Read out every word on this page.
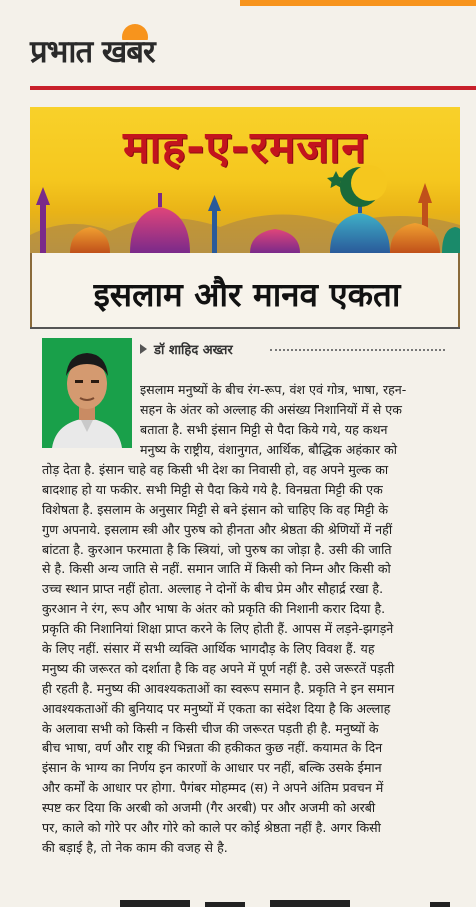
प्रभात खबर
माह-ए-रमजान
इसलाम और मानव एकता
डॉ शाहिद अख्तर
इसलाम मनुष्यों के बीच रंग-रूप, वंश एवं गोत्र, भाषा, रहन-
सहन के अंतर को अल्लाह की असंख्य निशानियों में से एक
बताता है. सभी इंसान मिट्टी से पैदा किये गये, यह कथन
मनुष्य के राष्ट्रीय, वंशानुगत, आर्थिक, बौद्धिक अहंकार को
तोड़ देता है. इंसान चाहे वह किसी भी देश का निवासी हो, वह अपने मुल्क का
बादशाह हो या फकीर. सभी मिट्टी से पैदा किये गये है. विनम्रता मिट्टी की एक
विशेषता है. इसलाम के अनुसार मिट्टी से बने इंसान को चाहिए कि वह मिट्टी के
गुण अपनाये. इसलाम स्त्री और पुरुष को हीनता और श्रेष्ठता की श्रेणियों में नहीं
बांटता है. कुरआन फरमाता है कि स्त्रियां, जो पुरुष का जोड़ा है. उसी की जाति
से है. किसी अन्य जाति से नहीं. समान जाति में किसी को निम्न और किसी को
उच्च स्थान प्राप्त नहीं होता. अल्लाह ने दोनों के बीच प्रेम और सौहार्द्र रखा है.
कुरआन ने रंग, रूप और भाषा के अंतर को प्रकृति की निशानी करार दिया है.
प्रकृति की निशानियां शिक्षा प्राप्त करने के लिए होती हैं. आपस में लड़ने-झगड़ने
के लिए नहीं. संसार में सभी व्यक्ति आर्थिक भागदौड़ के लिए विवश हैं. यह
मनुष्य की जरूरत को दर्शाता है कि वह अपने में पूर्ण नहीं है. उसे जरूरतें पड़ती
ही रहती है. मनुष्य की आवश्यकताओं का स्वरूप समान है. प्रकृति ने इन समान
आवश्यकताओं की बुनियाद पर मनुष्यों में एकता का संदेश दिया है कि अल्लाह
के अलावा सभी को किसी न किसी चीज की जरूरत पड़ती ही है. मनुष्यों के
बीच भाषा, वर्ण और राष्ट्र की भिन्नता की हकीकत कुछ नहीं. कयामत के दिन
इंसान के भाग्य का निर्णय इन कारणों के आधार पर नहीं, बल्कि उसके ईमान
और कर्मों के आधार पर होगा. पैगंबर मोहम्मद (स) ने अपने अंतिम प्रवचन में
स्पष्ट कर दिया कि अरबी को अजमी (गैर अरबी) पर और अजमी को अरबी
पर, काले को गोरे पर और गोरे को काले पर कोई श्रेष्ठता नहीं है. अगर किसी
की बड़ाई है, तो नेक काम की वजह से है.
